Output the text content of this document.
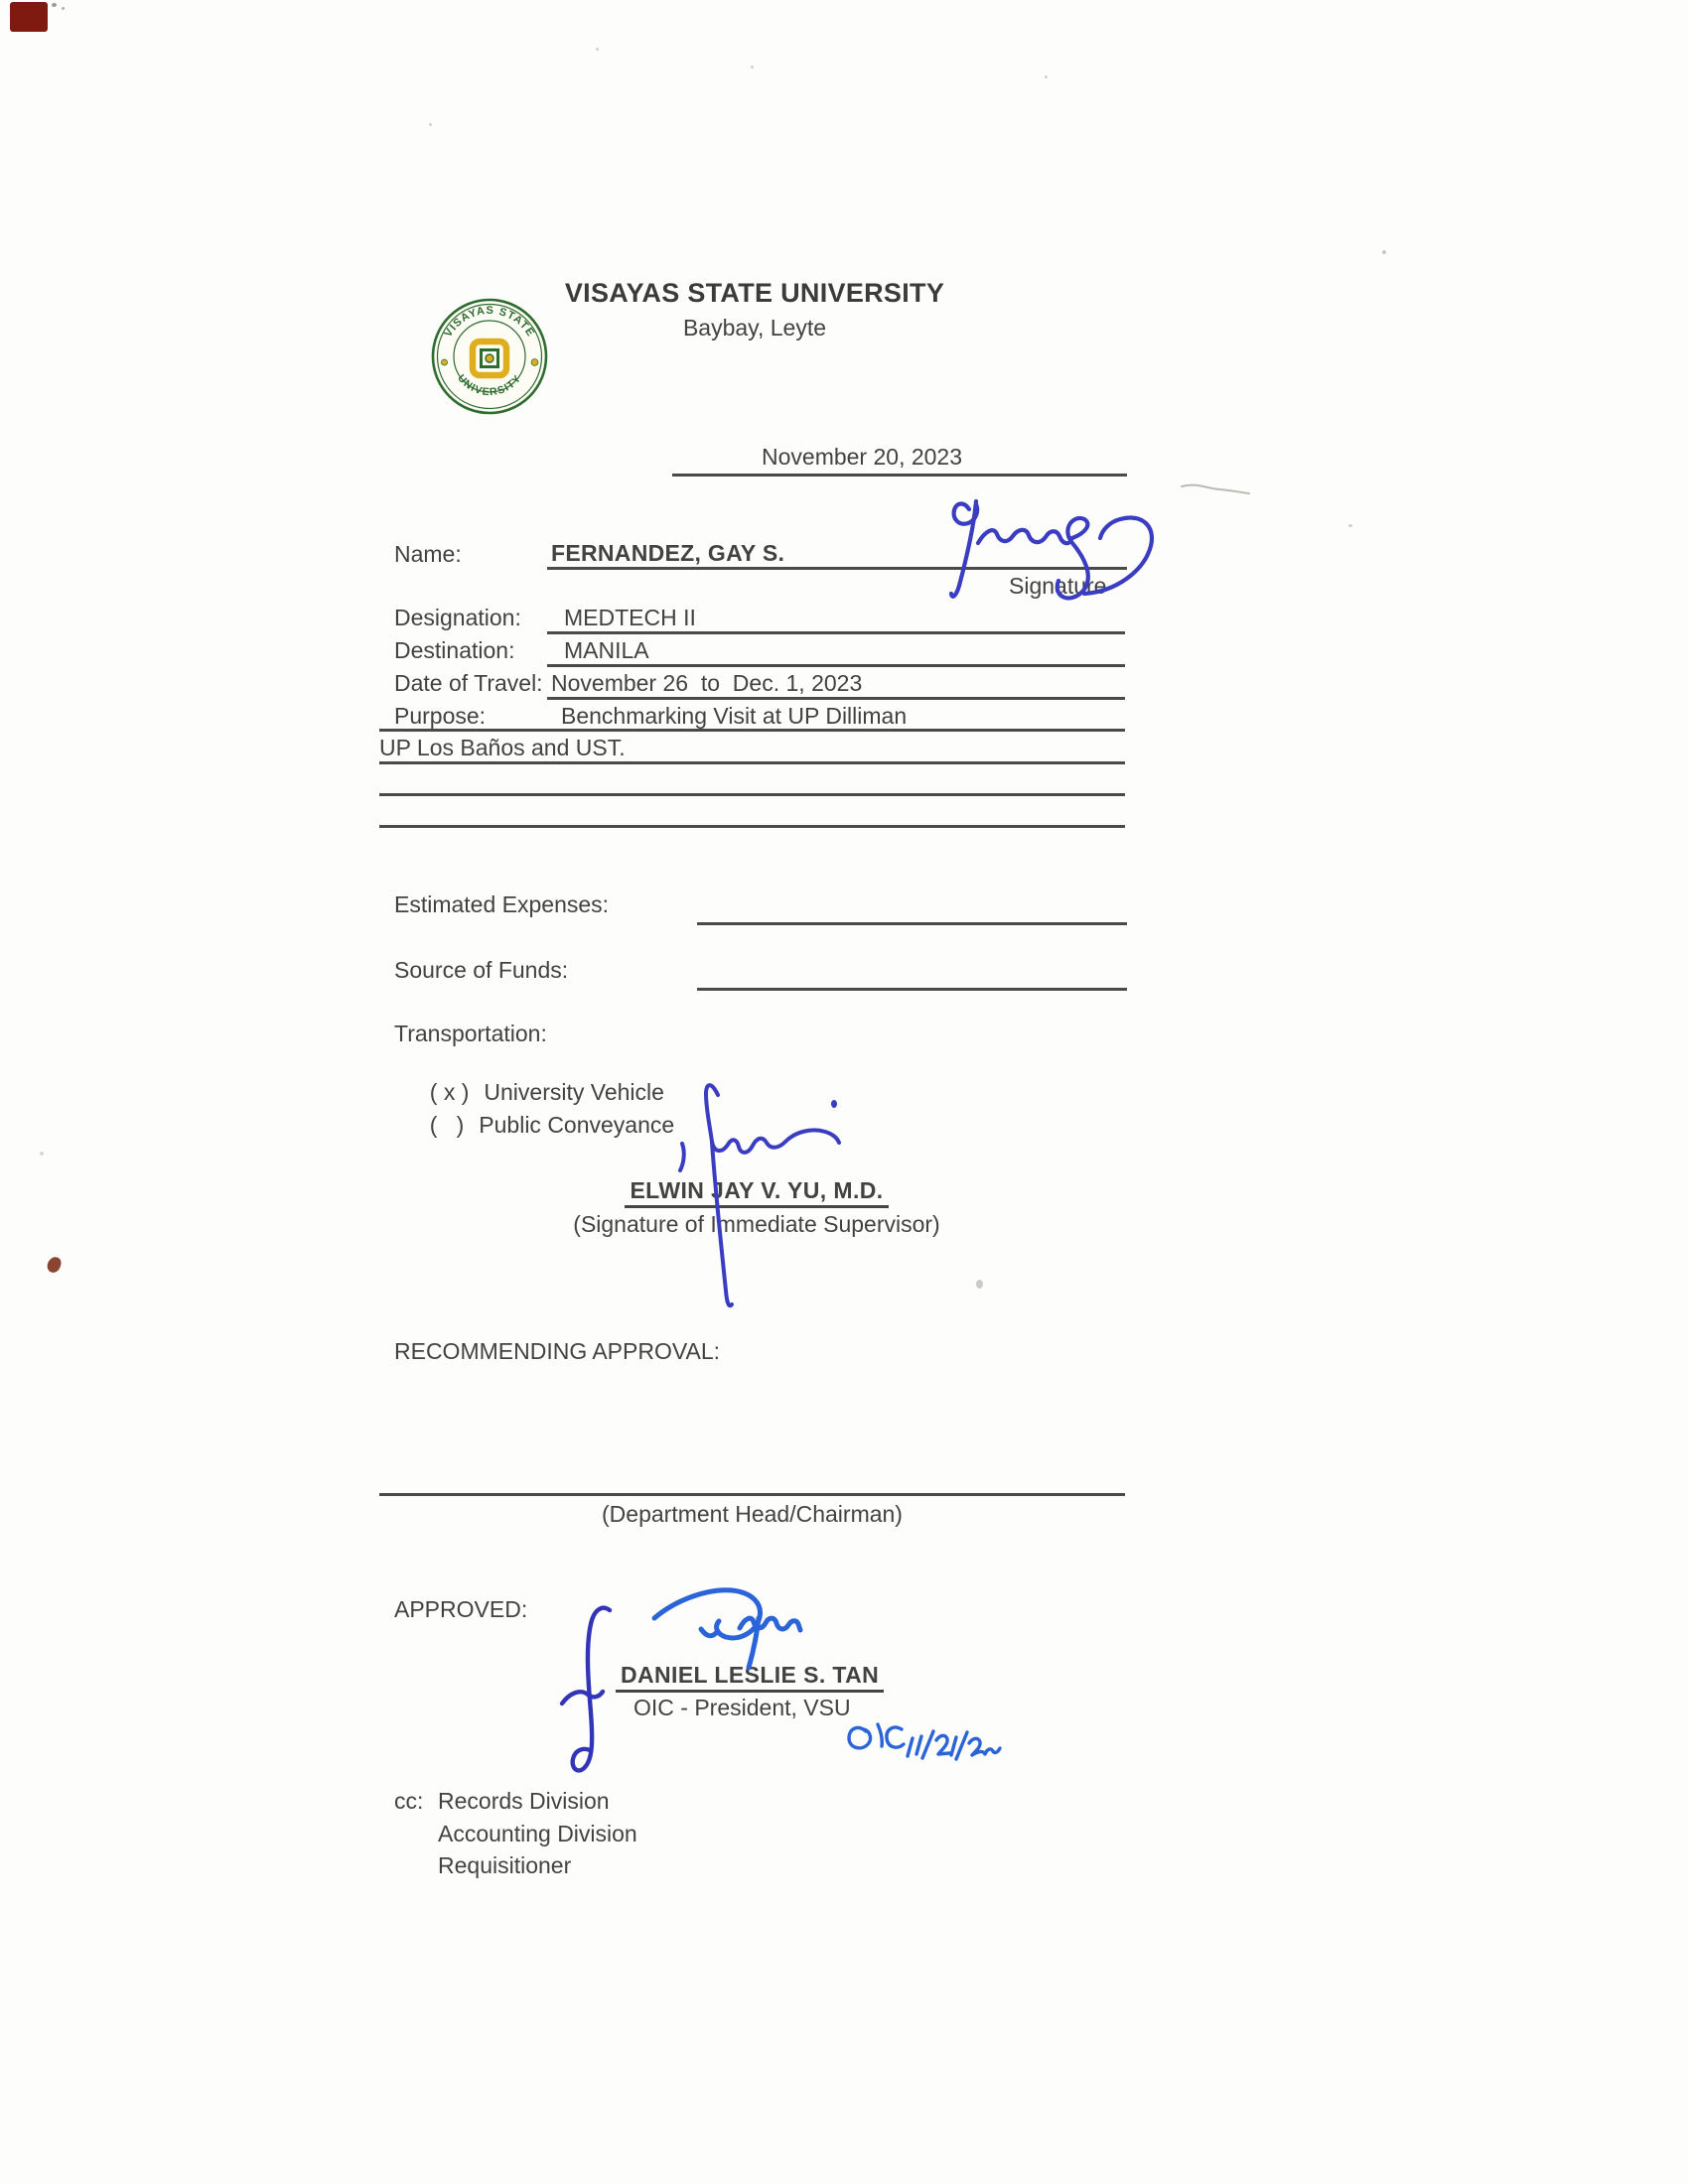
VISAYAS STATE
UNIVERSITY
VISAYAS STATE UNIVERSITY
Baybay, Leyte
November 20, 2023
Name:	FERNANDEZ, GAY S.
Signature
Designation: MEDTECH II
Destination: MANILA
Date of Travel: November 26  to  Dec. 1, 2023
Purpose:	Benchmarking Visit at UP Dilliman
UP Los Baños and UST.
Estimated Expenses:
Source of Funds:
Transportation:

( x ) University Vehicle

(   ) Public Conveyance

ELWIN JAY V. YU, M.D.
(Signature of Immediate Supervisor)
RECOMMENDING APPROVAL:
(Department Head/Chairman)
APPROVED:
DANIEL LESLIE S. TAN
OIC - President, VSU
cc: Records Division
Accounting Division
Requisitioner
